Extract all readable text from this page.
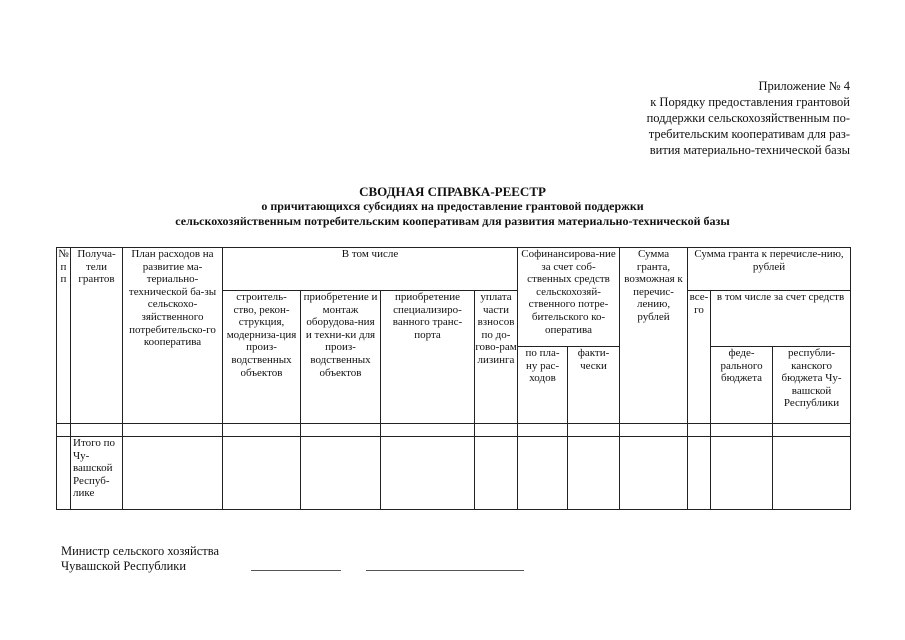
Приложение № 4
к Порядку предоставления грантовой
поддержки сельскохозяйственным по-
требительским кооперативам для раз-
вития материально-технической базы
СВОДНАЯ СПРАВКА-РЕЕСТР
о причитающихся субсидиях на предоставление грантовой поддержки
сельскохозяйственным потребительским кооперативам для развития материально-технической базы
№ п п	Получа-тели грантов	План расходов на развитие ма-териально-технической ба-зы сельскохо-зяйственного потребительско-го кооператива	В том числе				Софинансирова-ние за счет соб-ственных средств сельскохозяй-ственного потре-бительского ко-оператива		Сумма гранта, возможная к перечис-лению, рублей	Сумма гранта к перечисле-нию, рублей		
			строитель-ство, рекон-струкция, модерниза-ция произ-водственных объектов	приобретение и монтаж оборудова-ния и техни-ки для произ-водственных объектов	приобретение специализиро-ванного транс-порта	уплата части взносов по до-гово-рам лизинга				все-го	в том числе за счет средств	
							по пла-ну рас-ходов	факти-чески			феде-рального бюджета	республи-канского бюджета Чу-вашской Республики

	Итого по Чу-вашской Респуб-лике											
Министр сельского хозяйства
Чувашской Республики
